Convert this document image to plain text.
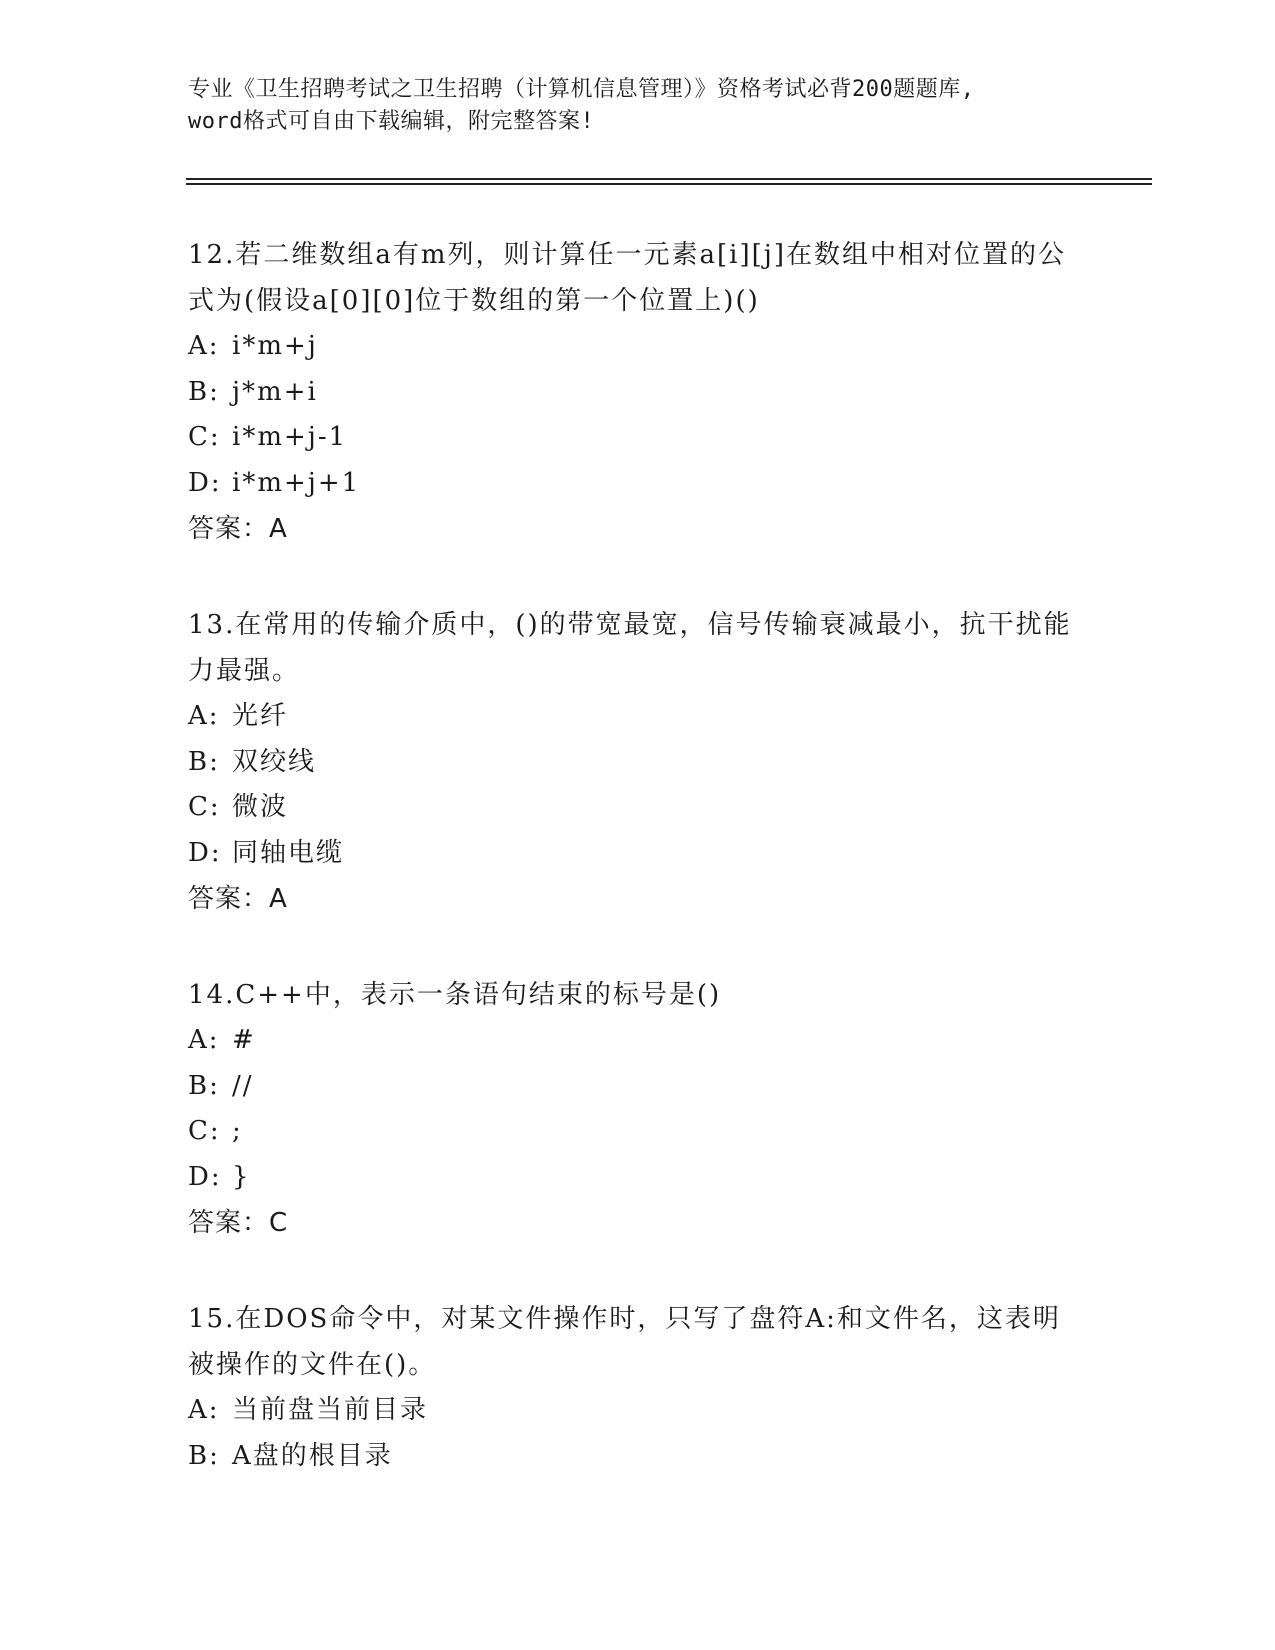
专业《卫生招聘考试之卫生招聘（计算机信息管理）》资格考试必背200题题库,
word格式可自由下载编辑，附完整答案!
12.若二维数组a有m列，则计算任一元素a[i][j]在数组中相对位置的公式为(假设a[0][0]位于数组的第一个位置上)()
A: i*m+j
B: j*m+i
C: i*m+j-1
D: i*m+j+1
答案：A
13.在常用的传输介质中，()的带宽最宽，信号传输衰减最小，抗干扰能力最强。
A: 光纤
B: 双绞线
C: 微波
D: 同轴电缆
答案：A
14.C++中，表示一条语句结束的标号是()
A: #
B: //
C: ;
D: }
答案：C
15.在DOS命令中，对某文件操作时，只写了盘符A:和文件名，这表明被操作的文件在()。
A: 当前盘当前目录
B: A盘的根目录
